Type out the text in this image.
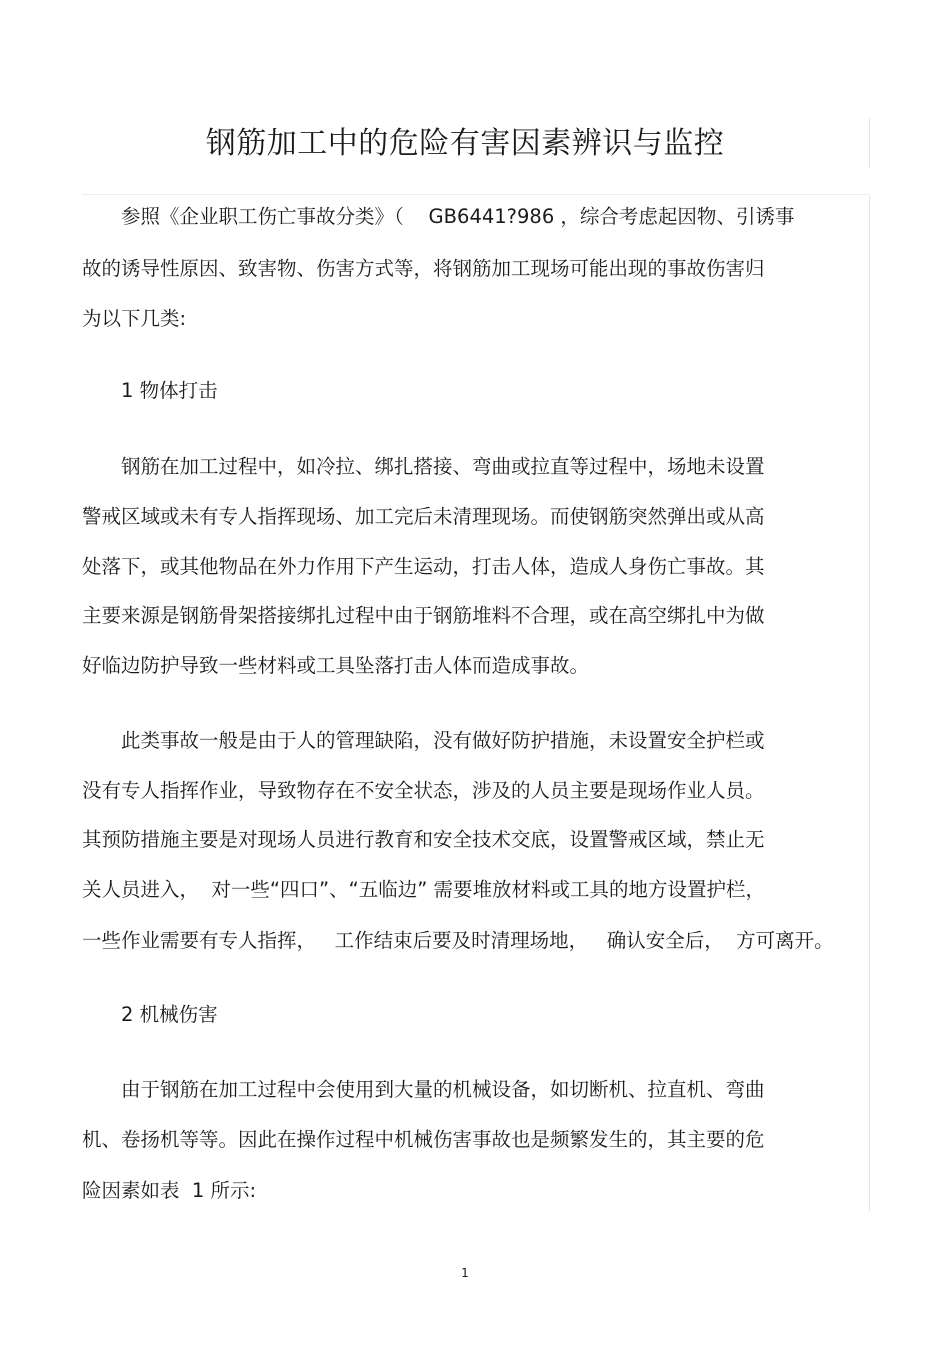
钢筋加工中的危险有害因素辨识与监控

参照《企业职工伤亡事故分类》（    GB6441?986 ，综合考虑起因物、引诱事

故的诱导性原因、致害物、伤害方式等，将钢筋加工现场可能出现的事故伤害归

为以下几类:

1 物体打击

钢筋在加工过程中，如冷拉、绑扎搭接、弯曲或拉直等过程中，场地未设置

警戒区域或未有专人指挥现场、加工完后未清理现场。而使钢筋突然弹出或从高

处落下，或其他物品在外力作用下产生运动，打击人体，造成人身伤亡事故。其

主要来源是钢筋骨架搭接绑扎过程中由于钢筋堆料不合理，或在高空绑扎中为做

好临边防护导致一些材料或工具坠落打击人体而造成事故。

此类事故一般是由于人的管理缺陷，没有做好防护措施，未设置安全护栏或

没有专人指挥作业，导致物存在不安全状态，涉及的人员主要是现场作业人员。

其预防措施主要是对现场人员进行教育和安全技术交底，设置警戒区域，禁止无

关人员进入，  对一些“四口”、“五临边” 需要堆放材料或工具的地方设置护栏，

一些作业需要有专人指挥，   工作结束后要及时清理场地，   确认安全后，  方可离开。

2 机械伤害

由于钢筋在加工过程中会使用到大量的机械设备，如切断机、拉直机、弯曲

机、卷扬机等等。因此在操作过程中机械伤害事故也是频繁发生的，其主要的危

险因素如表  1 所示:

1
